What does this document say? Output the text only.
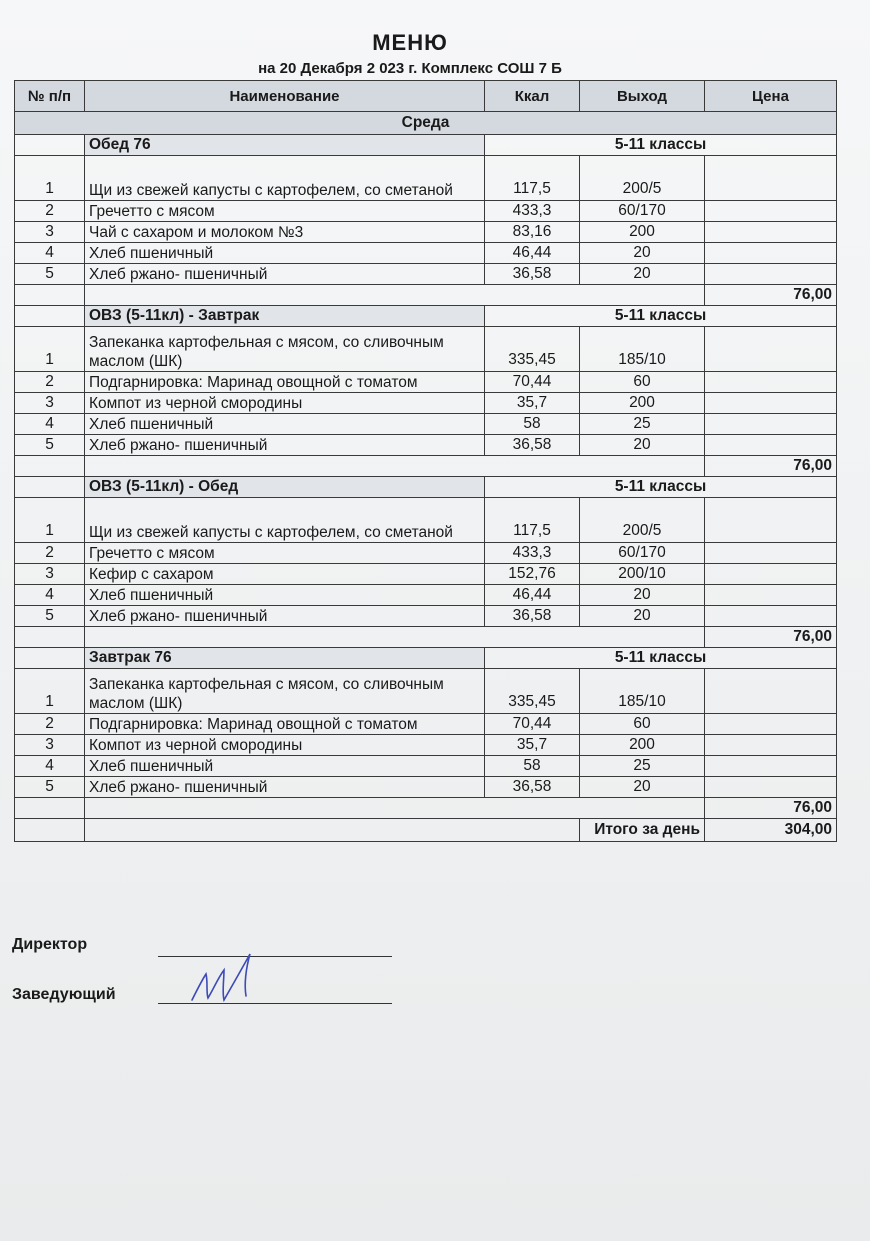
МЕНЮ
на 20 Декабря 2 023 г. Комплекс СОШ 7 Б
№ п/п	Наименование	Ккал	Выход	Цена
Среда				
	Обед 76	5-11 классы		
1	Щи из свежей капусты с картофелем, со сметаной	117,5	200/5	
2	Гречетто с мясом	433,3	60/170	
3	Чай с сахаром и молоком №3	83,16	200	
4	Хлеб пшеничный	46,44	20	
5	Хлеб ржано- пшеничный	36,58	20	
				76,00
	ОВЗ (5-11кл) - Завтрак	5-11 классы		
1	Запеканка картофельная с мясом, со сливочным маслом (ШК)	335,45	185/10	
2	Подгарнировка: Маринад овощной с томатом	70,44	60	
3	Компот из черной смородины	35,7	200	
4	Хлеб пшеничный	58	25	
5	Хлеб ржано- пшеничный	36,58	20	
				76,00
	ОВЗ (5-11кл) - Обед	5-11 классы		
1	Щи из свежей капусты с картофелем, со сметаной	117,5	200/5	
2	Гречетто с мясом	433,3	60/170	
3	Кефир с сахаром	152,76	200/10	
4	Хлеб пшеничный	46,44	20	
5	Хлеб ржано- пшеничный	36,58	20	
				76,00
	Завтрак 76	5-11 классы		
1	Запеканка картофельная с мясом, со сливочным маслом (ШК)	335,45	185/10	
2	Подгарнировка: Маринад овощной с томатом	70,44	60	
3	Компот из черной смородины	35,7	200	
4	Хлеб пшеничный	58	25	
5	Хлеб ржано- пшеничный	36,58	20	
				76,00
			Итого за день	304,00
Директор
Заведующий
